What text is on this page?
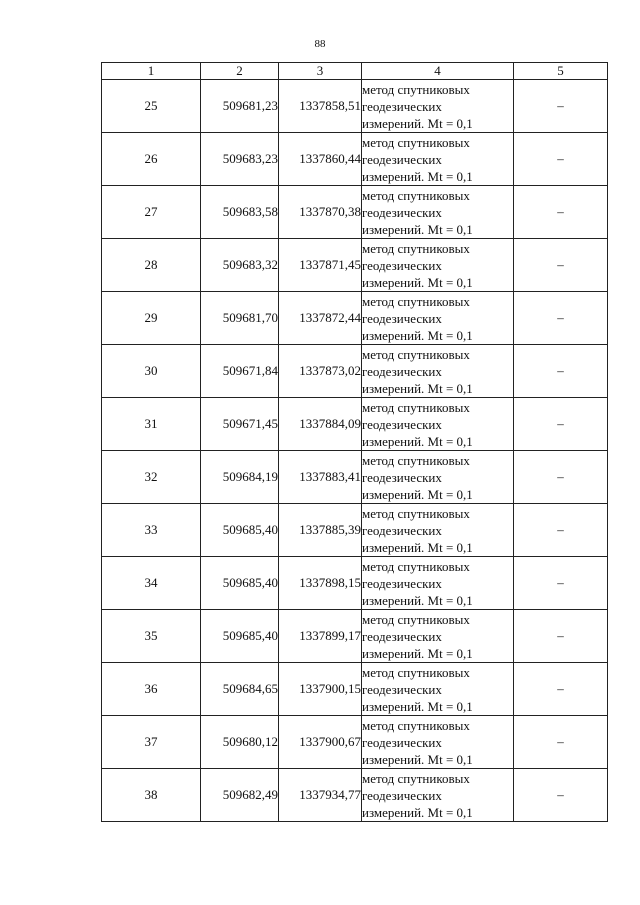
88
1	2	3	4	5
25	509681,23	1337858,51	метод спутниковых
геодезических
измерений. Mt = 0,1	–
26	509683,23	1337860,44	метод спутниковых
геодезических
измерений. Mt = 0,1	–
27	509683,58	1337870,38	метод спутниковых
геодезических
измерений. Mt = 0,1	–
28	509683,32	1337871,45	метод спутниковых
геодезических
измерений. Mt = 0,1	–
29	509681,70	1337872,44	метод спутниковых
геодезических
измерений. Mt = 0,1	–
30	509671,84	1337873,02	метод спутниковых
геодезических
измерений. Mt = 0,1	–
31	509671,45	1337884,09	метод спутниковых
геодезических
измерений. Mt = 0,1	–
32	509684,19	1337883,41	метод спутниковых
геодезических
измерений. Mt = 0,1	–
33	509685,40	1337885,39	метод спутниковых
геодезических
измерений. Mt = 0,1	–
34	509685,40	1337898,15	метод спутниковых
геодезических
измерений. Mt = 0,1	–
35	509685,40	1337899,17	метод спутниковых
геодезических
измерений. Mt = 0,1	–
36	509684,65	1337900,15	метод спутниковых
геодезических
измерений. Mt = 0,1	–
37	509680,12	1337900,67	метод спутниковых
геодезических
измерений. Mt = 0,1	–
38	509682,49	1337934,77	метод спутниковых
геодезических
измерений. Mt = 0,1	–
